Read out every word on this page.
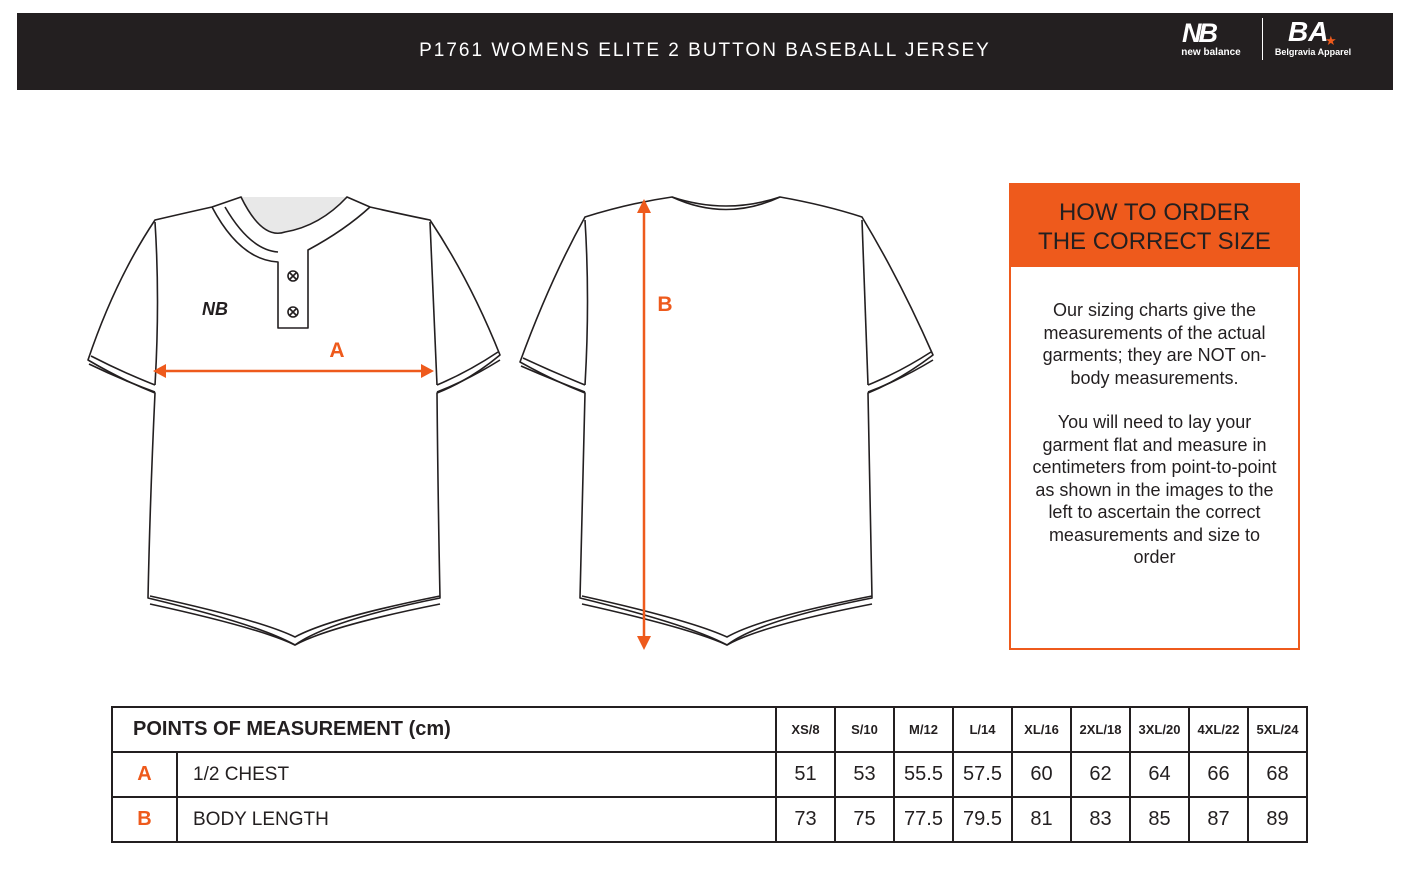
P1761 WOMENS ELITE 2 BUTTON BASEBALL JERSEY
NB
new balance
BA
★
Belgravia Apparel
NB
A
B
HOW TO ORDER
THE CORRECT SIZE

Our sizing charts give the measurements of the actual garments; they are NOT on-body measurements.

You will need to lay your garment flat and measure in centimeters from point-to-point as shown in the images to the left to ascertain the correct measurements and size to order

POINTS OF MEASUREMENT (cm)		XS/8	S/10	M/12	L/14	XL/16	2XL/18	3XL/20	4XL/22	5XL/24
A	1/2 CHEST	51	53	55.5	57.5	60	62	64	66	68
B	BODY LENGTH	73	75	77.5	79.5	81	83	85	87	89
